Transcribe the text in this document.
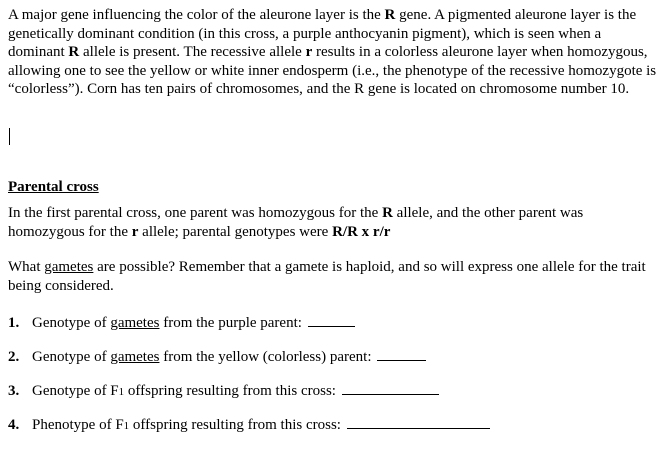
A major gene influencing the color of the aleurone layer is the R gene. A pigmented aleurone layer is the genetically dominant condition (in this cross, a purple anthocyanin pigment), which is seen when a dominant R allele is present. The recessive allele r results in a colorless aleurone layer when homozygous, allowing one to see the yellow or white inner endosperm (i.e., the phenotype of the recessive homozygote is “colorless”). Corn has ten pairs of chromosomes, and the R gene is located on chromosome number 10.

Parental cross

In the first parental cross, one parent was homozygous for the R allele, and the other parent was homozygous for the r allele; parental genotypes were R/R x r/r

What gametes are possible? Remember that a gamete is haploid, and so will express one allele for the trait being considered.

1. Genotype of gametes from the purple parent:
2. Genotype of gametes from the yellow (colorless) parent:
3. Genotype of F1 offspring resulting from this cross:
4. Phenotype of F1 offspring resulting from this cross:
